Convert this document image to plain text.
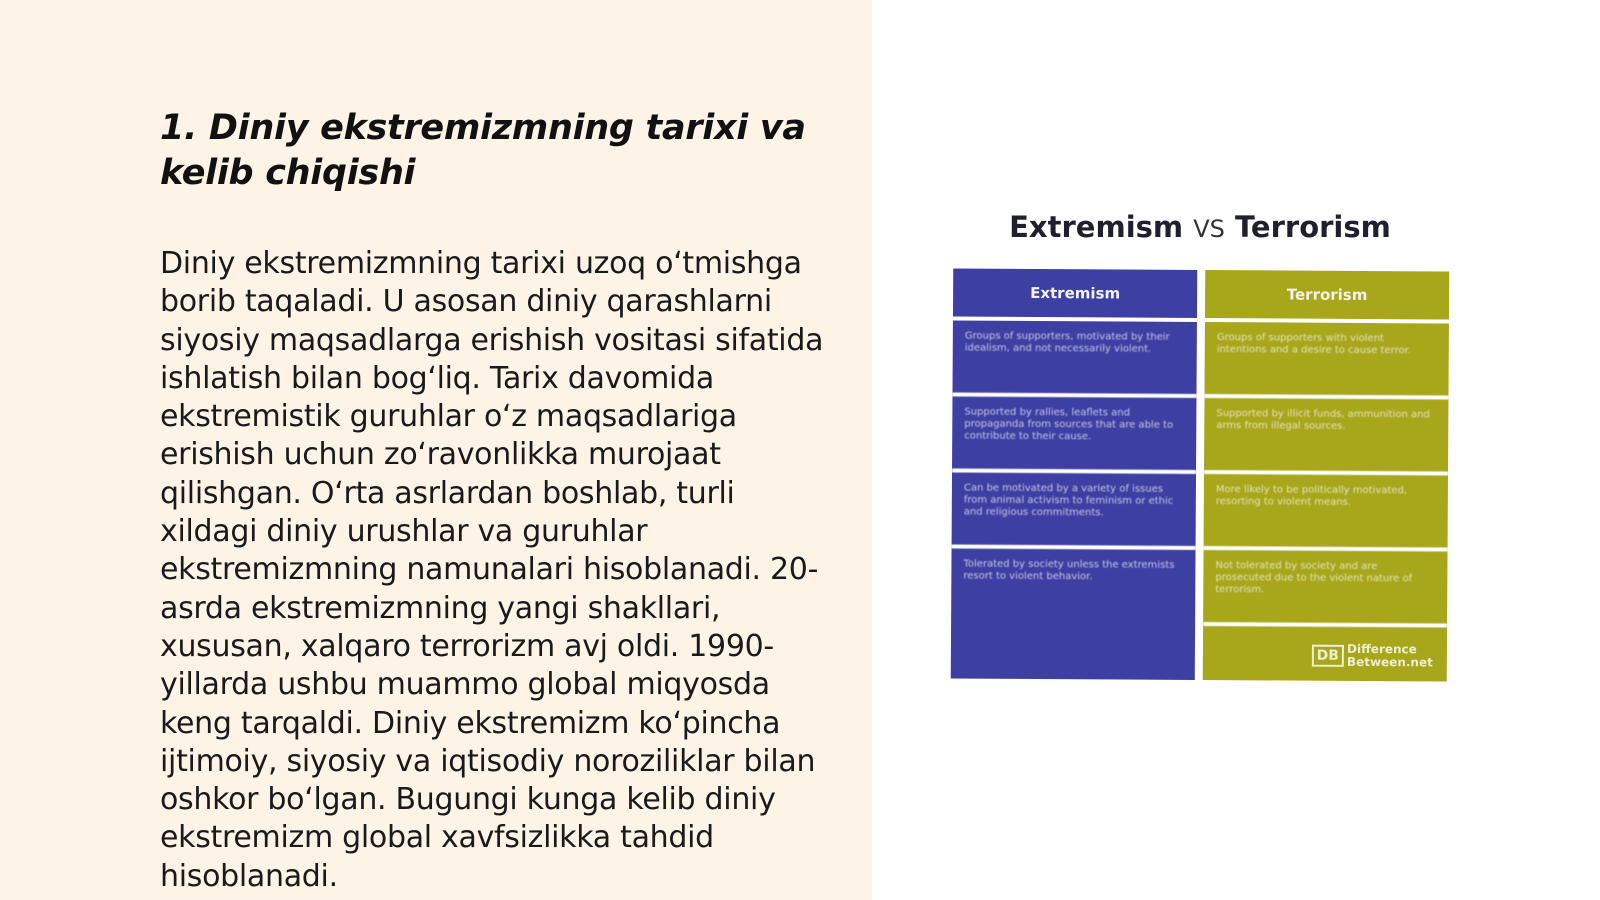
1. Diniy ekstremizmning tarixi va kelib chiqishi

Diniy ekstremizmning tarixi uzoq oʻtmishga borib taqaladi. U asosan diniy qarashlarni siyosiy maqsadlarga erishish vositasi sifatida ishlatish bilan bogʻliq. Tarix davomida ekstremistik guruhlar oʻz maqsadlariga erishish uchun zoʻravonlikka murojaat qilishgan. Oʻrta asrlardan boshlab, turli xildagi diniy urushlar va guruhlar ekstremizmning namunalari hisoblanadi. 20-asrda ekstremizmning yangi shakllari, xususan, xalqaro terrorizm avj oldi. 1990-yillarda ushbu muammo global miqyosda keng tarqaldi. Diniy ekstremizm koʻpincha ijtimoiy, siyosiy va iqtisodiy noroziliklar bilan oshkor boʻlgan. Bugungi kunga kelib diniy ekstremizm global xavfsizlikka tahdid hisoblanadi.

Extremism VS Terrorism
Extremism
Groups of supporters, motivated by their idealism, and not necessarily violent.
Supported by rallies, leaflets and propaganda from sources that are able to contribute to their cause.
Can be motivated by a variety of issues from animal activism to feminism or ethic and religious commitments.
Tolerated by society unless the extremists resort to violent behavior.
Terrorism
Groups of supporters with violent intentions and a desire to cause terror.
Supported by illicit funds, ammunition and arms from illegal sources.
More likely to be politically motivated, resorting to violent means.
Not tolerated by society and are prosecuted due to the violent nature of terrorism.
DB Difference
Between.net
